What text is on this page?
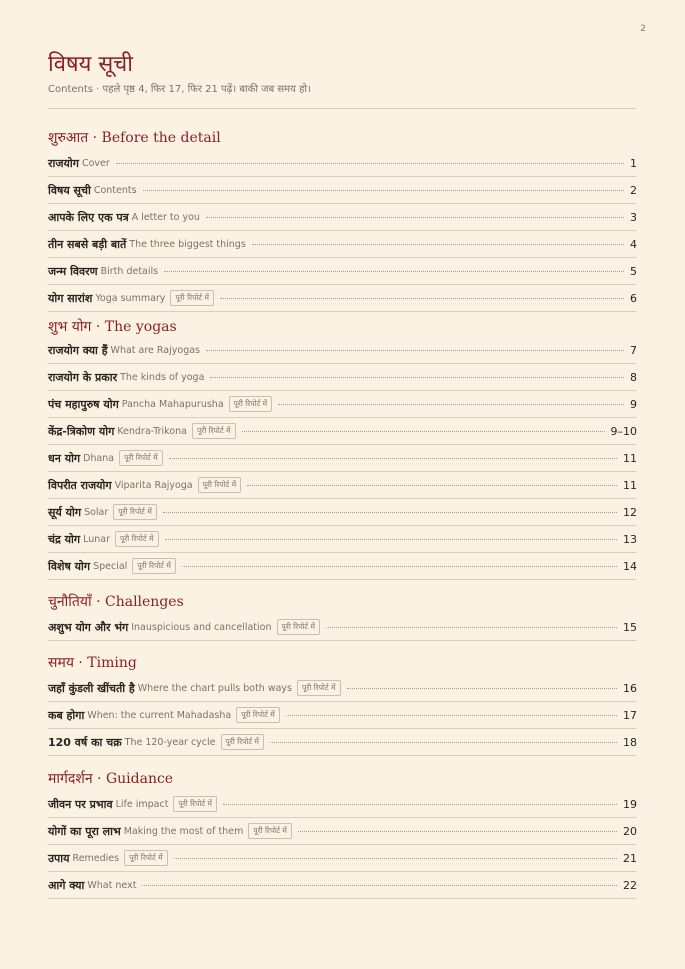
2
विषय सूची
Contents · पहले पृष्ठ 4, फिर 17, फिर 21 पढ़ें। बाकी जब समय हो।
शुरुआत · Before the detail
राजयोग Cover	1
विषय सूची Contents	2
आपके लिए एक पत्र A letter to you	3
तीन सबसे बड़ी बातें The three biggest things	4
जन्म विवरण Birth details	5
योग सारांश Yoga summary	पूरी रिपोर्ट में	6
शुभ योग · The yogas
राजयोग क्या हैं What are Rajyogas	7
राजयोग के प्रकार The kinds of yoga	8
पंच महापुरुष योग Pancha Mahapurusha	पूरी रिपोर्ट में	9
केंद्र-त्रिकोण योग Kendra-Trikona	पूरी रिपोर्ट में	9–10
धन योग Dhana	पूरी रिपोर्ट में	11
विपरीत राजयोग Viparita Rajyoga	पूरी रिपोर्ट में	11
सूर्य योग Solar	पूरी रिपोर्ट में	12
चंद्र योग Lunar	पूरी रिपोर्ट में	13
विशेष योग Special	पूरी रिपोर्ट में	14
चुनौतियाँ · Challenges
अशुभ योग और भंग Inauspicious and cancellation	पूरी रिपोर्ट में	15
समय · Timing
जहाँ कुंडली खींचती है Where the chart pulls both ways	पूरी रिपोर्ट में	16
कब होगा When: the current Mahadasha	पूरी रिपोर्ट में	17
120 वर्ष का चक्र The 120-year cycle	पूरी रिपोर्ट में	18
मार्गदर्शन · Guidance
जीवन पर प्रभाव Life impact	पूरी रिपोर्ट में	19
योगों का पूरा लाभ Making the most of them	पूरी रिपोर्ट में	20
उपाय Remedies	पूरी रिपोर्ट में	21
आगे क्या What next	22
